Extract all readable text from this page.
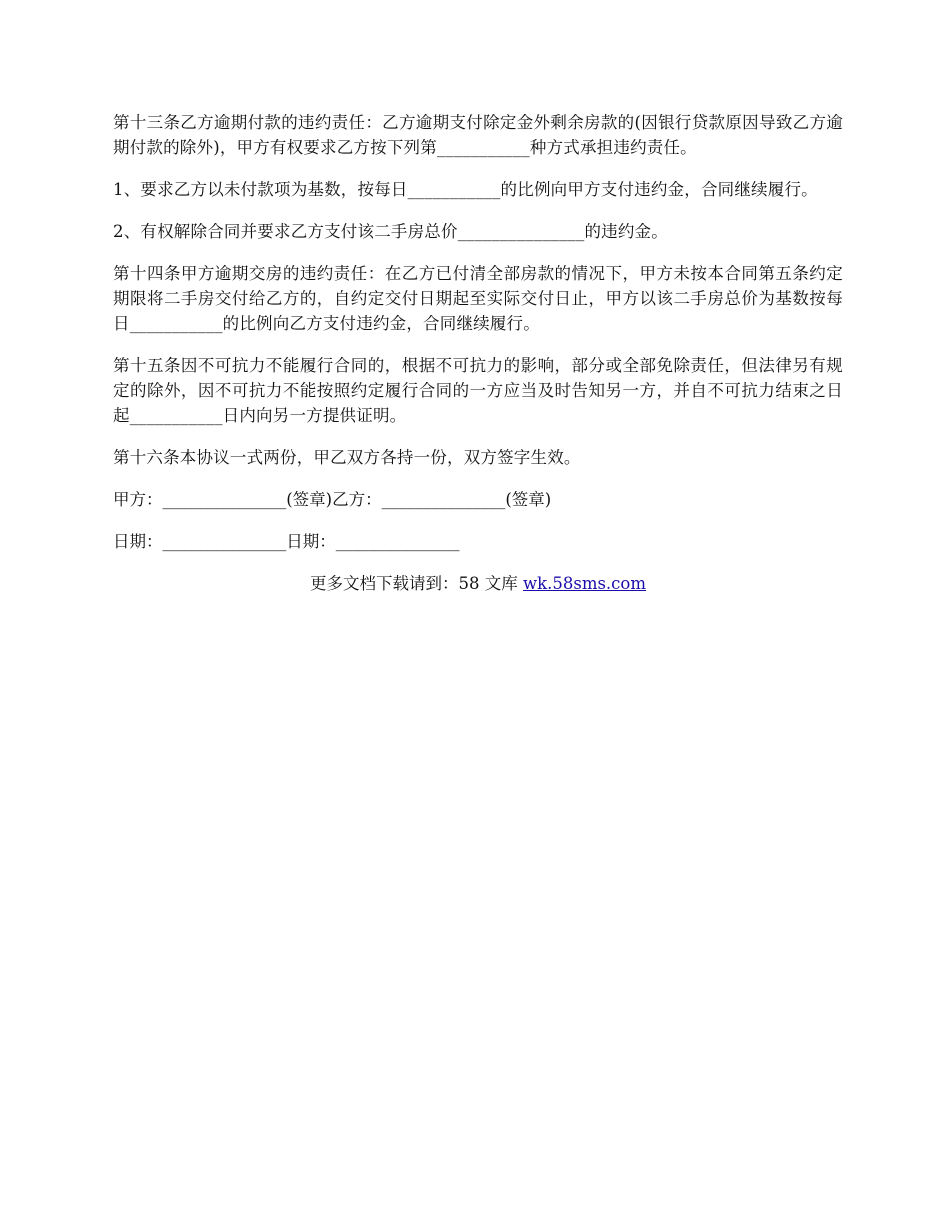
第十三条乙方逾期付款的违约责任：乙方逾期支付除定金外剩余房款的(因银行贷款原因导致乙方逾期付款的除外)，甲方有权要求乙方按下列第___________种方式承担违约责任。

1、要求乙方以未付款项为基数，按每日___________的比例向甲方支付违约金，合同继续履行。

2、有权解除合同并要求乙方支付该二手房总价_______________的违约金。

第十四条甲方逾期交房的违约责任：在乙方已付清全部房款的情况下，甲方未按本合同第五条约定期限将二手房交付给乙方的，自约定交付日期起至实际交付日止，甲方以该二手房总价为基数按每日___________的比例向乙方支付违约金，合同继续履行。

第十五条因不可抗力不能履行合同的，根据不可抗力的影响，部分或全部免除责任，但法律另有规定的除外，因不可抗力不能按照约定履行合同的一方应当及时告知另一方，并自不可抗力结束之日起___________日内向另一方提供证明。

第十六条本协议一式两份，甲乙双方各持一份，双方签字生效。

甲方：_______________(签章)乙方：_______________(签章)

日期：_______________日期：_______________

更多文档下载请到：58 文库 wk.58sms.com
